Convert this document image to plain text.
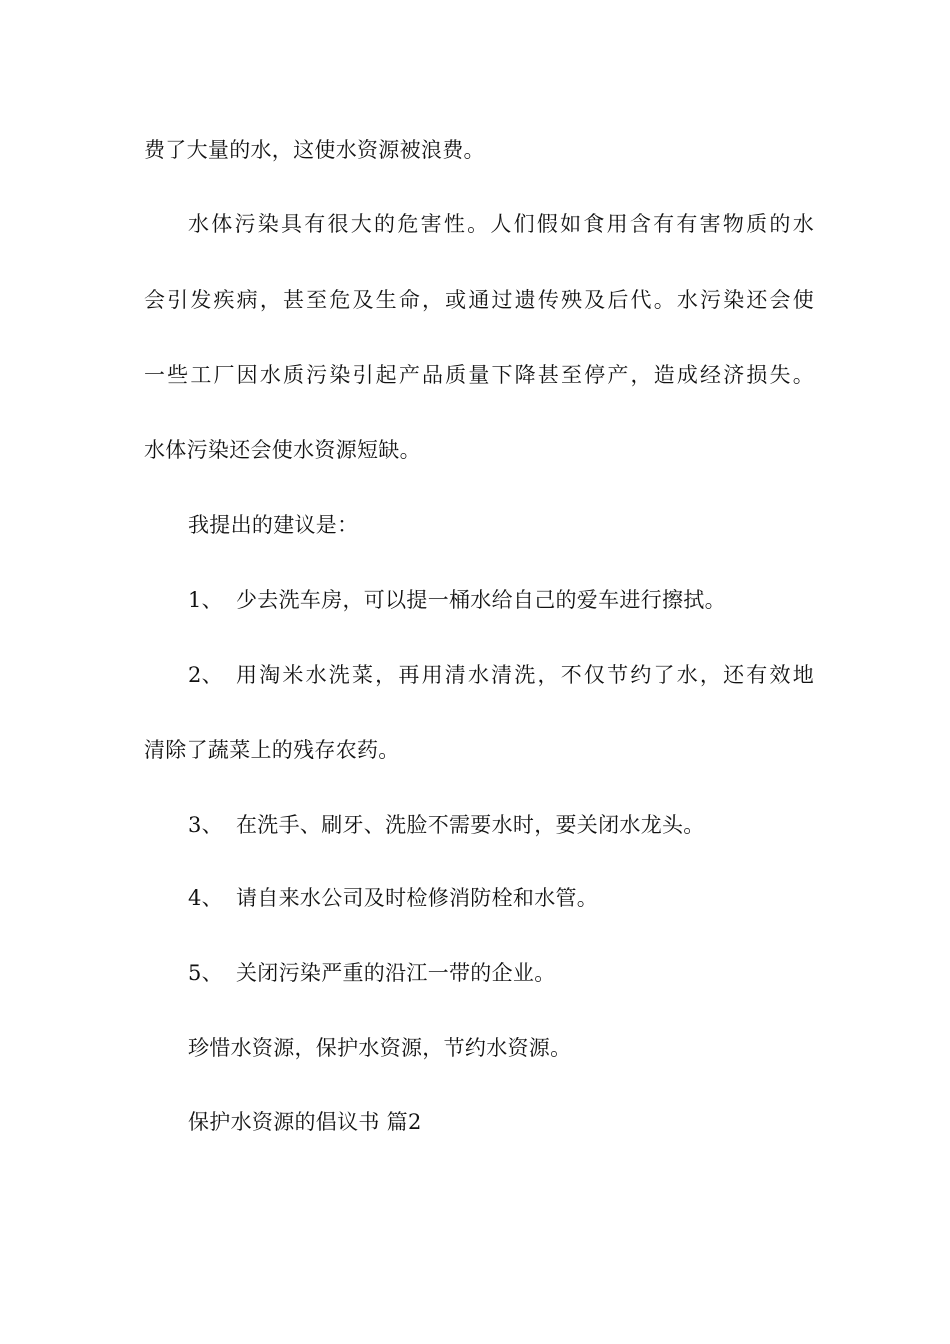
费了大量的水，这使水资源被浪费。

水体污染具有很大的危害性。人们假如食用含有有害物质的水

会引发疾病，甚至危及生命，或通过遗传殃及后代。水污染还会使

一些工厂因水质污染引起产品质量下降甚至停产，造成经济损失。

水体污染还会使水资源短缺。

我提出的建议是：

1、 少去洗车房，可以提一桶水给自己的爱车进行擦拭。
2、 用淘米水洗菜，再用清水清洗，不仅节约了水，还有效地

清除了蔬菜上的残存农药。

3、 在洗手、刷牙、洗脸不需要水时，要关闭水龙头。
4、 请自来水公司及时检修消防栓和水管。
5、 关闭污染严重的沿江一带的企业。

珍惜水资源，保护水资源，节约水资源。

保护水资源的倡议书 篇2
